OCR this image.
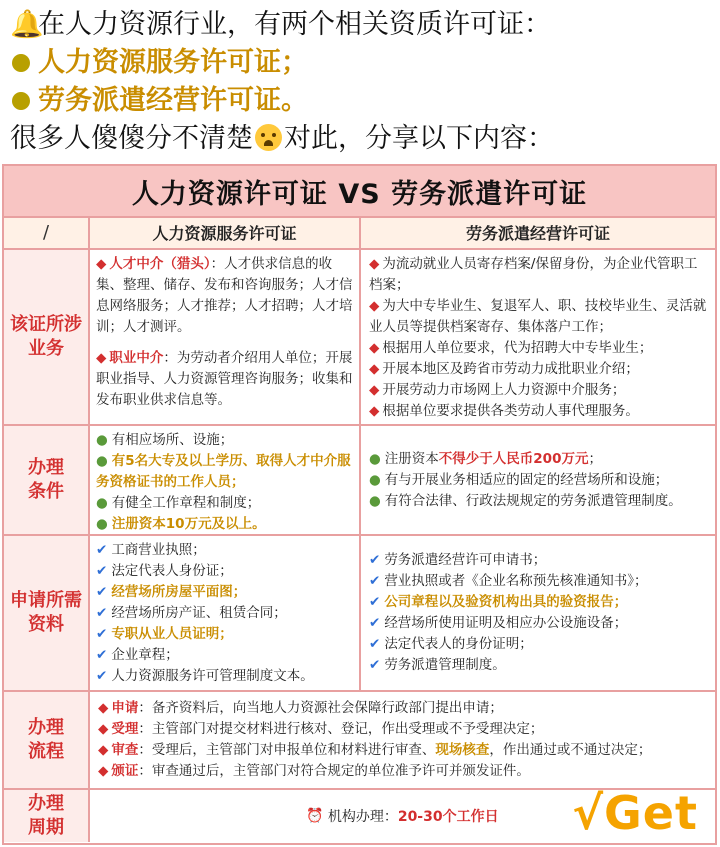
🔔在人力资源行业，有两个相关资质许可证：
人力资源服务许可证；
劳务派遣经营许可证。
很多人傻傻分不清楚 对此，分享以下内容：
人力资源许可证 VS 劳务派遣许可证
/	人力资源服务许可证	劳务派遣经营许可证
该证所涉
业务
◆ 人才中介（猎头）：人才供求信息的收集、整理、储存、发布和咨询服务；人才信息网络服务；人才推荐；人才招聘；人才培训；人才测评。
◆ 职业中介：为劳动者介绍用人单位；开展职业指导、人力资源管理咨询服务；收集和发布职业供求信息等。
◆ 为流动就业人员寄存档案/保留身份，为企业代管职工档案；
◆ 为大中专毕业生、复退军人、职、技校毕业生、灵活就业人员等提供档案寄存、集体落户工作；
◆ 根据用人单位要求，代为招聘大中专毕业生；
◆ 开展本地区及跨省市劳动力成批职业介绍；
◆ 开展劳动力市场网上人力资源中介服务；
◆ 根据单位要求提供各类劳动人事代理服务。
办理
条件
● 有相应场所、设施；
● 有5名大专及以上学历、取得人才中介服务资格证书的工作人员；
● 有健全工作章程和制度；
● 注册资本10万元及以上。
● 注册资本不得少于人民币200万元；
● 有与开展业务相适应的固定的经营场所和设施；
● 有符合法律、行政法规规定的劳务派遣管理制度。
申请所需
资料
✔ 工商营业执照；
✔ 法定代表人身份证；
✔ 经营场所房屋平面图；
✔ 经营场所房产证、租赁合同；
✔ 专职从业人员证明；
✔ 企业章程；
✔ 人力资源服务许可管理制度文本。
✔ 劳务派遣经营许可申请书；
✔ 营业执照或者《企业名称预先核准通知书》；
✔ 公司章程以及验资机构出具的验资报告；
✔ 经营场所使用证明及相应办公设施设备；
✔ 法定代表人的身份证明；
✔ 劳务派遣管理制度。
办理
流程
◆ 申请：备齐资料后，向当地人力资源社会保障行政部门提出申请；
◆ 受理：主管部门对提交材料进行核对、登记，作出受理或不予受理决定；
◆ 审查：受理后，主管部门对申报单位和材料进行审查、现场核查，作出通过或不通过决定；
◆ 颁证：审查通过后，主管部门对符合规定的单位准予许可并颁发证件。
办理
周期
⏰ 机构办理： 20-30个工作日 √Get
